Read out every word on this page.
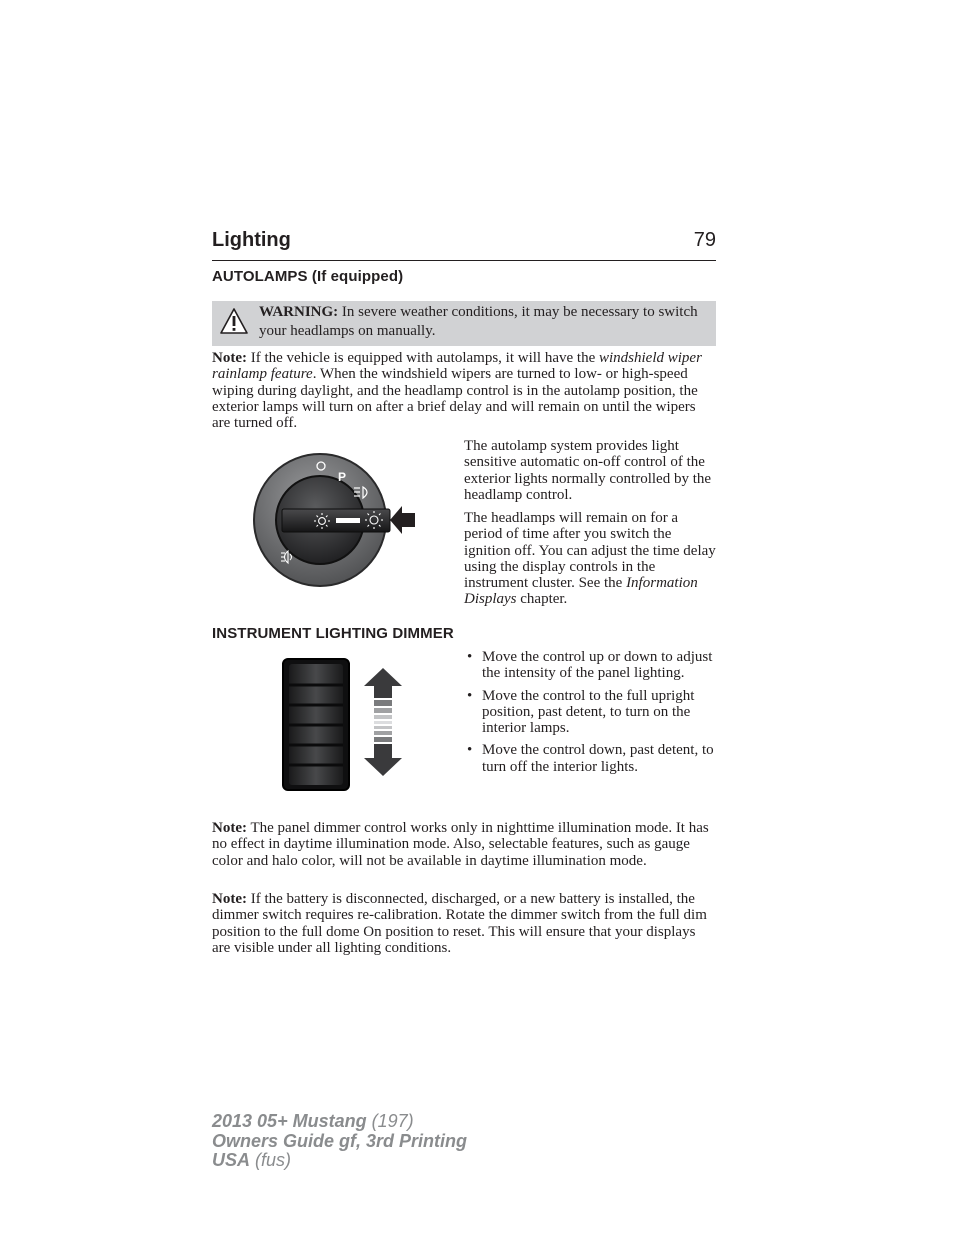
Lighting	79
AUTOLAMPS (If equipped)
WARNING: In severe weather conditions, it may be necessary to switch your headlamps on manually.

Note: If the vehicle is equipped with autolamps, it will have the windshield wiper rainlamp feature. When the windshield wipers are turned to low- or high-speed wiping during daylight, and the headlamp control is in the autolamp position, the exterior lamps will turn on after a brief delay and will remain on until the wipers are turned off.

P

The autolamp system provides light sensitive automatic on-off control of the exterior lights normally controlled by the headlamp control.

The headlamps will remain on for a period of time after you switch the ignition off. You can adjust the time delay using the display controls in the instrument cluster. See the Information Displays chapter.

INSTRUMENT LIGHTING DIMMER
• Move the control up or down to adjust the intensity of the panel lighting.
• Move the control to the full upright position, past detent, to turn on the interior lamps.
• Move the control down, past detent, to turn off the interior lights.

Note: The panel dimmer control works only in nighttime illumination mode. It has no effect in daytime illumination mode. Also, selectable features, such as gauge color and halo color, will not be available in daytime illumination mode.

Note: If the battery is disconnected, discharged, or a new battery is installed, the dimmer switch requires re-calibration. Rotate the dimmer switch from the full dim position to the full dome On position to reset. This will ensure that your displays are visible under all lighting conditions.

2013 05+ Mustang (197)
Owners Guide gf, 3rd Printing
USA (fus)
